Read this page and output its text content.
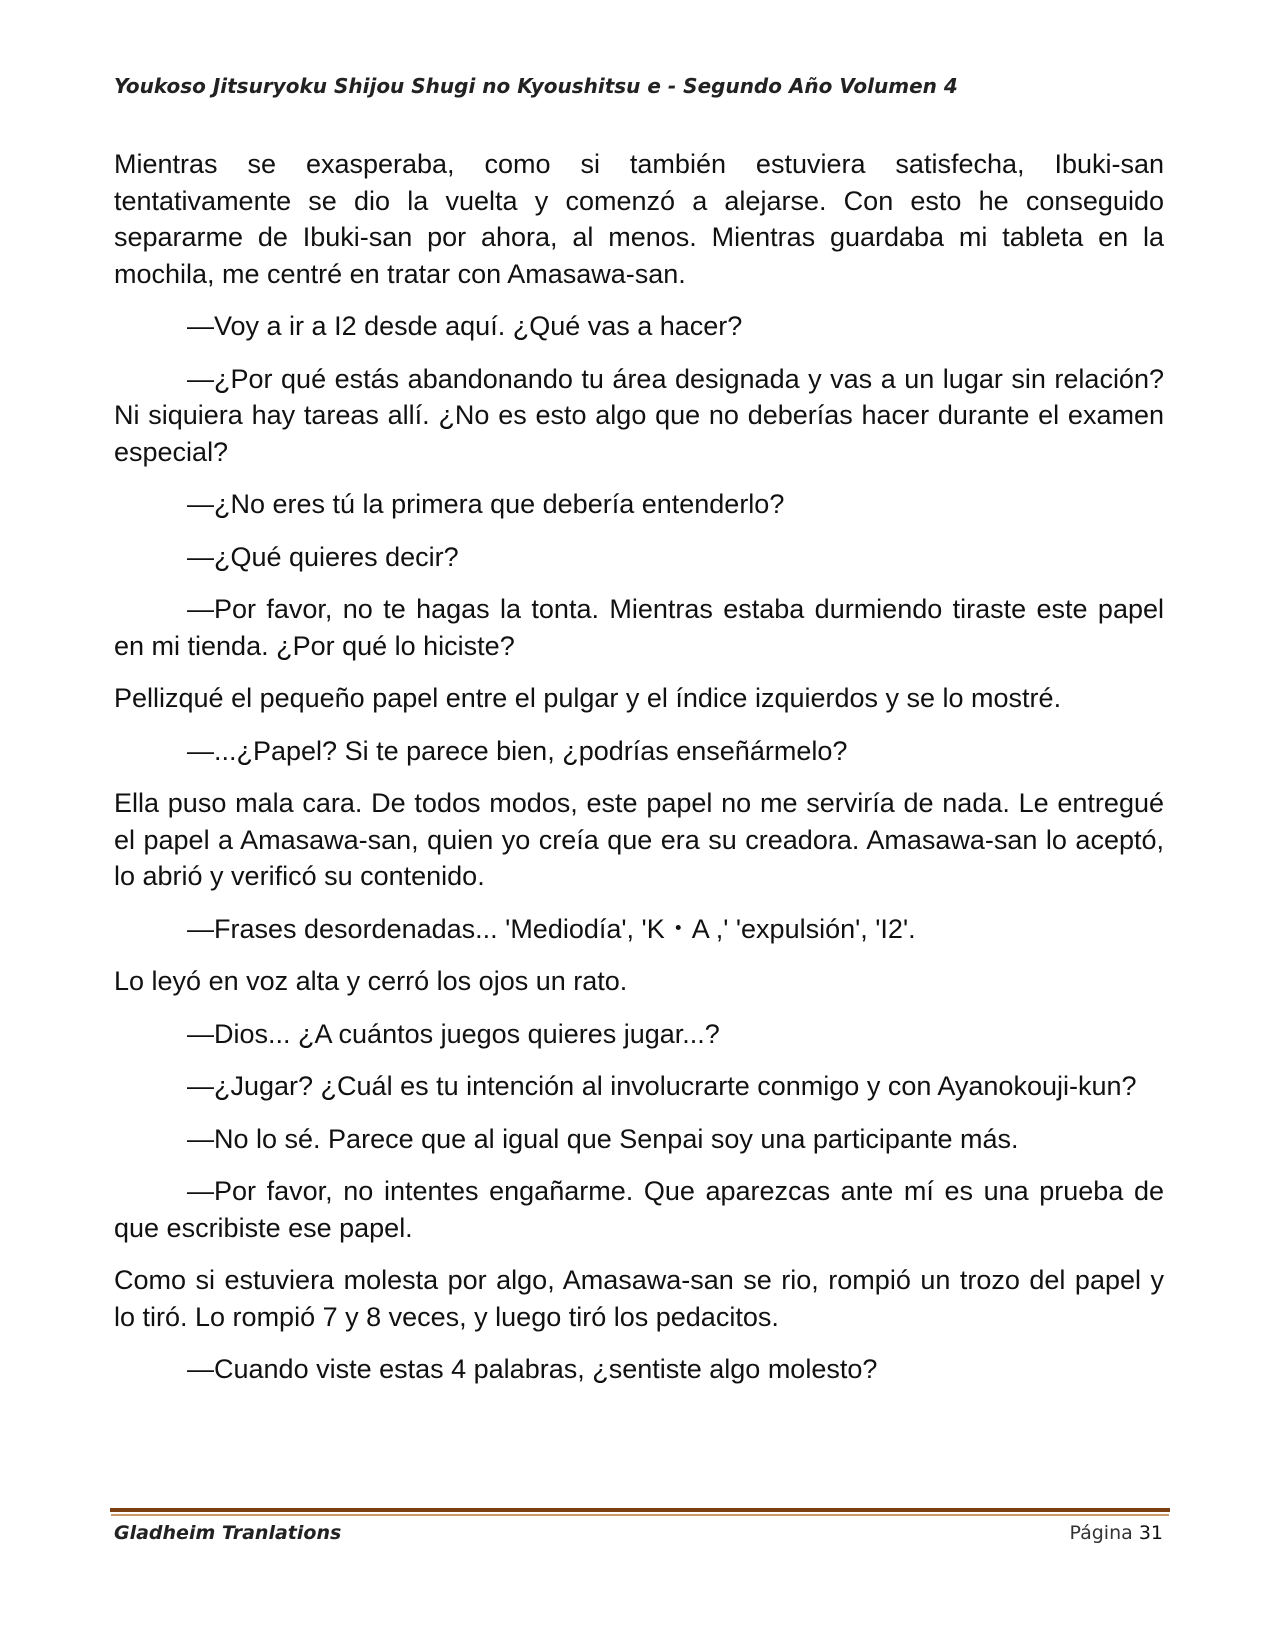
Youkoso Jitsuryoku Shijou Shugi no Kyoushitsu e - Segundo Año Volumen 4

Mientras se exasperaba, como si también estuviera satisfecha, Ibuki-san tentativamente se dio la vuelta y comenzó a alejarse. Con esto he conseguido separarme de Ibuki-san por ahora, al menos. Mientras guardaba mi tableta en la mochila, me centré en tratar con Amasawa-san.

—Voy a ir a I2 desde aquí. ¿Qué vas a hacer?

—¿Por qué estás abandonando tu área designada y vas a un lugar sin relación? Ni siquiera hay tareas allí. ¿No es esto algo que no deberías hacer durante el examen especial?

—¿No eres tú la primera que debería entenderlo?

—¿Qué quieres decir?

—Por favor, no te hagas la tonta. Mientras estaba durmiendo tiraste este papel en mi tienda. ¿Por qué lo hiciste?

Pellizqué el pequeño papel entre el pulgar y el índice izquierdos y se lo mostré.

—...¿Papel? Si te parece bien, ¿podrías enseñármelo?

Ella puso mala cara. De todos modos, este papel no me serviría de nada. Le entregué el papel a Amasawa-san, quien yo creía que era su creadora. Amasawa-san lo aceptó, lo abrió y verificó su contenido.

—Frases desordenadas... 'Mediodía', 'K・A ,' 'expulsión', 'I2'.

Lo leyó en voz alta y cerró los ojos un rato.

—Dios... ¿A cuántos juegos quieres jugar...?

—¿Jugar? ¿Cuál es tu intención al involucrarte conmigo y con Ayanokouji-kun?

—No lo sé. Parece que al igual que Senpai soy una participante más.

—Por favor, no intentes engañarme. Que aparezcas ante mí es una prueba de que escribiste ese papel.

Como si estuviera molesta por algo, Amasawa-san se rio, rompió un trozo del papel y lo tiró. Lo rompió 7 y 8 veces, y luego tiró los pedacitos.

—Cuando viste estas 4 palabras, ¿sentiste algo molesto?

Gladheim Tranlations	Página 31
